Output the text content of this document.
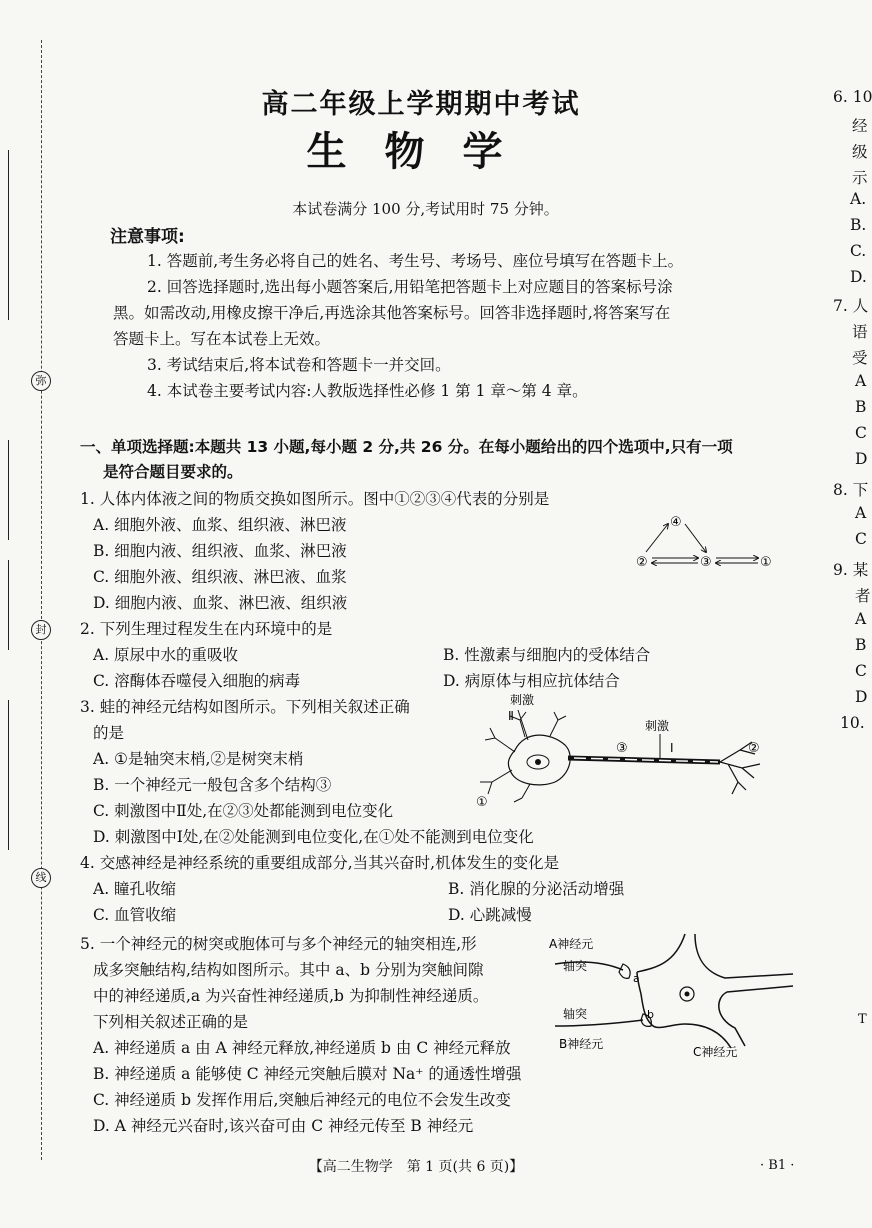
弥
封
线
高二年级上学期期中考试
生物学
本试卷满分 100 分,考试用时 75 分钟。
注意事项:
1. 答题前,考生务必将自己的姓名、考生号、考场号、座位号填写在答题卡上。
2. 回答选择题时,选出每小题答案后,用铅笔把答题卡上对应题目的答案标号涂
黑。如需改动,用橡皮擦干净后,再选涂其他答案标号。回答非选择题时,将答案写在
答题卡上。写在本试卷上无效。
3. 考试结束后,将本试卷和答题卡一并交回。
4. 本试卷主要考试内容:人教版选择性必修 1 第 1 章～第 4 章。
一、单项选择题:本题共 13 小题,每小题 2 分,共 26 分。在每小题给出的四个选项中,只有一项
是符合题目要求的。
1. 人体内体液之间的物质交换如图所示。图中①②③④代表的分别是
A. 细胞外液、血浆、组织液、淋巴液
B. 细胞内液、组织液、血浆、淋巴液
C. 细胞外液、组织液、淋巴液、血浆
D. 细胞内液、血浆、淋巴液、组织液
④
②	③	①
2. 下列生理过程发生在内环境中的是
A. 原尿中水的重吸收	B. 性激素与细胞内的受体结合
C. 溶酶体吞噬侵入细胞的病毒	D. 病原体与相应抗体结合
3. 蛙的神经元结构如图所示。下列相关叙述正确
的是
A. ①是轴突末梢,②是树突末梢
B. 一个神经元一般包含多个结构③
C. 刺激图中Ⅱ处,在②③处都能测到电位变化
D. 刺激图中Ⅰ处,在②处能测到电位变化,在①处不能测到电位变化
刺激
Ⅱ
刺激
Ⅰ
③
①
②
4. 交感神经是神经系统的重要组成部分,当其兴奋时,机体发生的变化是
A. 瞳孔收缩	B. 消化腺的分泌活动增强
C. 血管收缩	D. 心跳减慢
5. 一个神经元的树突或胞体可与多个神经元的轴突相连,形
成多突触结构,结构如图所示。其中 a、b 分别为突触间隙
中的神经递质,a 为兴奋性神经递质,b 为抑制性神经递质。
下列相关叙述正确的是
A. 神经递质 a 由 A 神经元释放,神经递质 b 由 C 神经元释放
B. 神经递质 a 能够使 C 神经元突触后膜对 Na⁺ 的通透性增强
C. 神经递质 b 发挥作用后,突触后神经元的电位不会发生改变
D. A 神经元兴奋时,该兴奋可由 C 神经元传至 B 神经元
A神经元
轴突
轴突
B神经元
C神经元
a
b
6. 10
经
级
示
A.
B.
C.
D.
7. 人
语
受
A
B
C
D
8. 下
A
C
9. 某
者
A
B
C
D
10.
T
【高二生物学　第 1 页(共 6 页)】	· B1 ·
